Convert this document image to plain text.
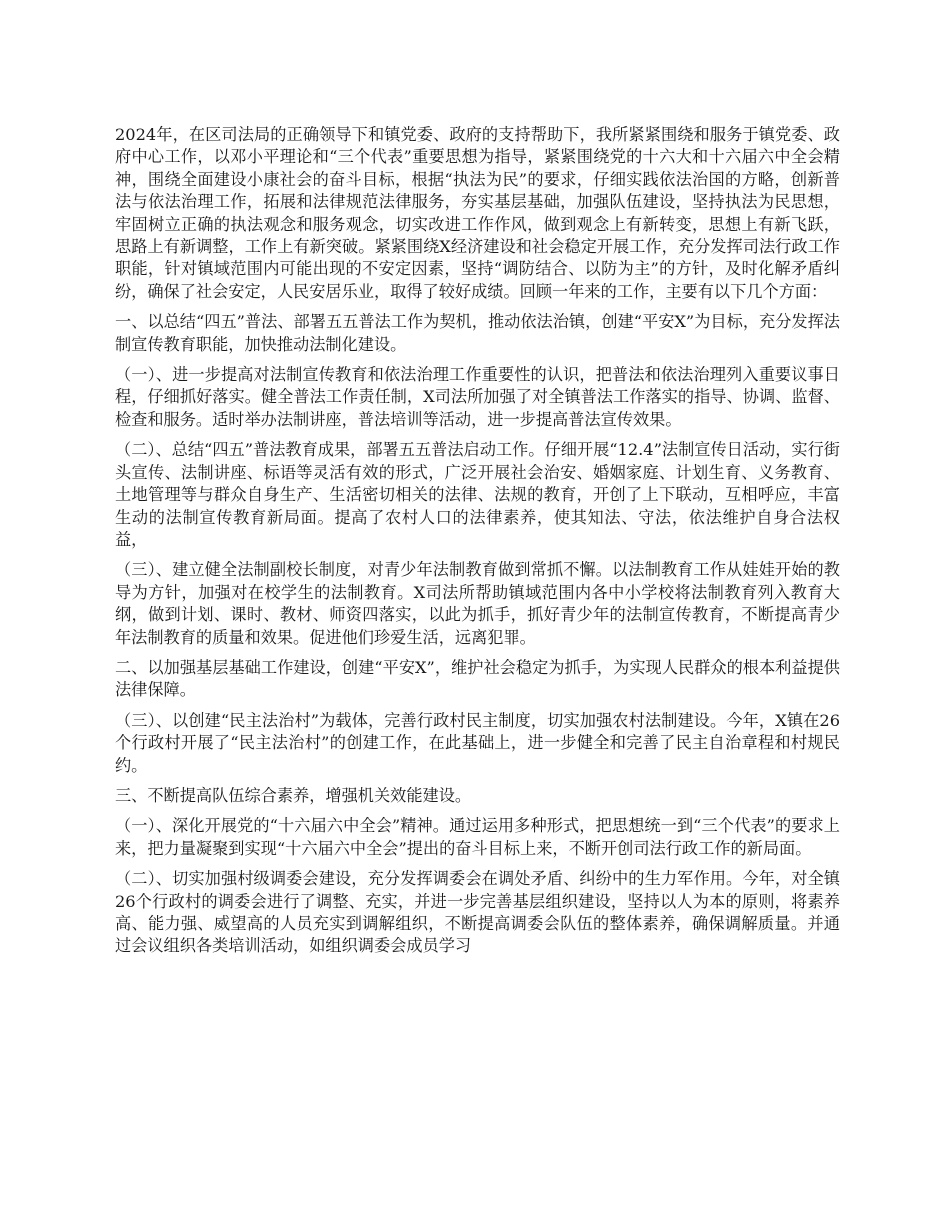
2024年，在区司法局的正确领导下和镇党委、政府的支持帮助下，我所紧紧围绕和服务于镇党委、政府中心工作，以邓小平理论和“三个代表”重要思想为指导，紧紧围绕党的十六大和十六届六中全会精神，围绕全面建设小康社会的奋斗目标，根据“执法为民”的要求，仔细实践依法治国的方略，创新普法与依法治理工作，拓展和法律规范法律服务，夯实基层基础，加强队伍建设，坚持执法为民思想，牢固树立正确的执法观念和服务观念，切实改进工作作风，做到观念上有新转变，思想上有新飞跃，思路上有新调整，工作上有新突破。紧紧围绕X经济建设和社会稳定开展工作，充分发挥司法行政工作职能，针对镇域范围内可能出现的不安定因素，坚持“调防结合、以防为主”的方针，及时化解矛盾纠纷，确保了社会安定，人民安居乐业，取得了较好成绩。回顾一年来的工作，主要有以下几个方面：

一、以总结“四五”普法、部署五五普法工作为契机，推动依法治镇，创建“平安X”为目标，充分发挥法制宣传教育职能，加快推动法制化建设。

（一）、进一步提高对法制宣传教育和依法治理工作重要性的认识，把普法和依法治理列入重要议事日程，仔细抓好落实。健全普法工作责任制，X司法所加强了对全镇普法工作落实的指导、协调、监督、检查和服务。适时举办法制讲座，普法培训等活动，进一步提高普法宣传效果。

（二）、总结“四五”普法教育成果，部署五五普法启动工作。仔细开展“12.4”法制宣传日活动，实行街头宣传、法制讲座、标语等灵活有效的形式，广泛开展社会治安、婚姻家庭、计划生育、义务教育、土地管理等与群众自身生产、生活密切相关的法律、法规的教育，开创了上下联动，互相呼应，丰富生动的法制宣传教育新局面。提高了农村人口的法律素养，使其知法、守法，依法维护自身合法权益，

（三）、建立健全法制副校长制度，对青少年法制教育做到常抓不懈。以法制教育工作从娃娃开始的教导为方针，加强对在校学生的法制教育。X司法所帮助镇域范围内各中小学校将法制教育列入教育大纲，做到计划、课时、教材、师资四落实，以此为抓手，抓好青少年的法制宣传教育，不断提高青少年法制教育的质量和效果。促进他们珍爱生活，远离犯罪。

二、以加强基层基础工作建设，创建“平安X”，维护社会稳定为抓手，为实现人民群众的根本利益提供法律保障。

（三）、以创建“民主法治村”为载体，完善行政村民主制度，切实加强农村法制建设。今年，X镇在26个行政村开展了“民主法治村”的创建工作，在此基础上，进一步健全和完善了民主自治章程和村规民约。

三、不断提高队伍综合素养，增强机关效能建设。

（一）、深化开展党的“十六届六中全会”精神。通过运用多种形式，把思想统一到“三个代表”的要求上来，把力量凝聚到实现“十六届六中全会”提出的奋斗目标上来，不断开创司法行政工作的新局面。

（二）、切实加强村级调委会建设，充分发挥调委会在调处矛盾、纠纷中的生力军作用。今年，对全镇26个行政村的调委会进行了调整、充实，并进一步完善基层组织建设，坚持以人为本的原则，将素养高、能力强、威望高的人员充实到调解组织，不断提高调委会队伍的整体素养，确保调解质量。并通过会议组织各类培训活动，如组织调委会成员学习
